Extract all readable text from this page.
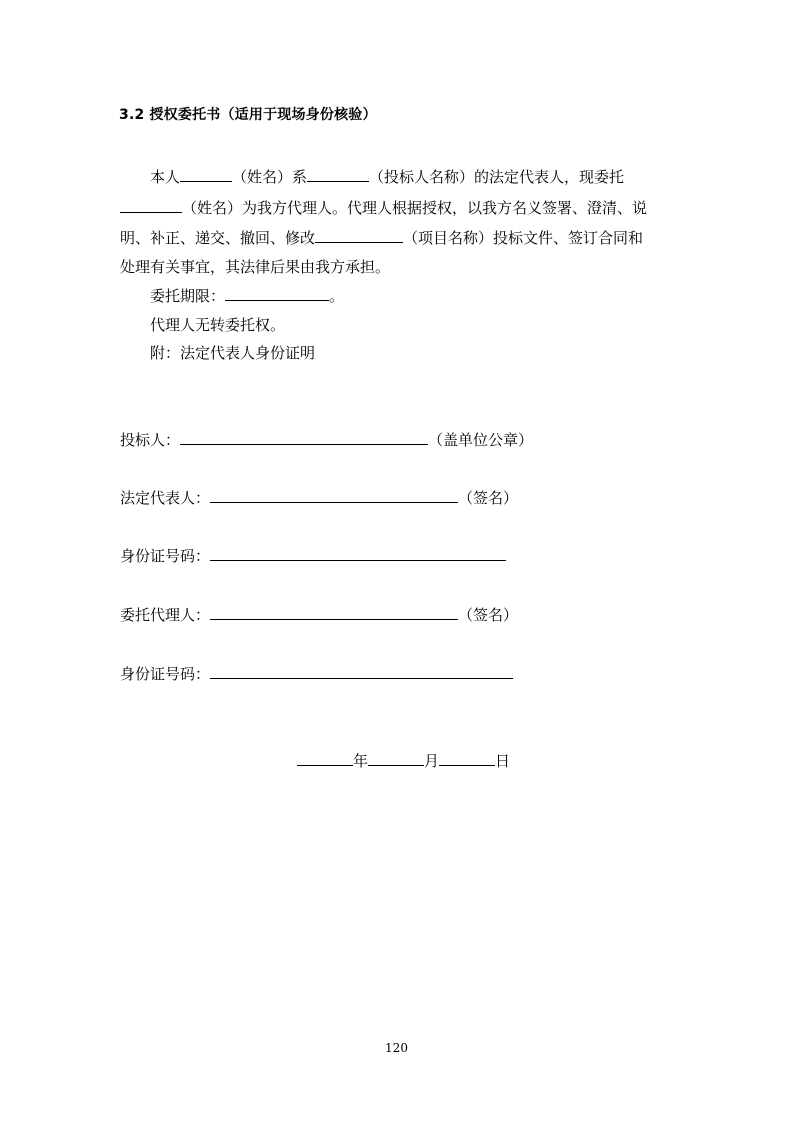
3.2 授权委托书（适用于现场身份核验）
本人	（姓名）系	（投标人名称）的法定代表人，现委托
（姓名）为我方代理人。代理人根据授权，以我方名义签署、澄清、说
明、补正、递交、撤回、修改	（项目名称）投标文件、签订合同和
处理有关事宜，其法律后果由我方承担。
委托期限：	。
代理人无转委托权。
附：法定代表人身份证明
投标人：	（盖单位公章）
法定代表人：	（签名）
身份证号码：
委托代理人：	（签名）
身份证号码：
年	月	日
120
